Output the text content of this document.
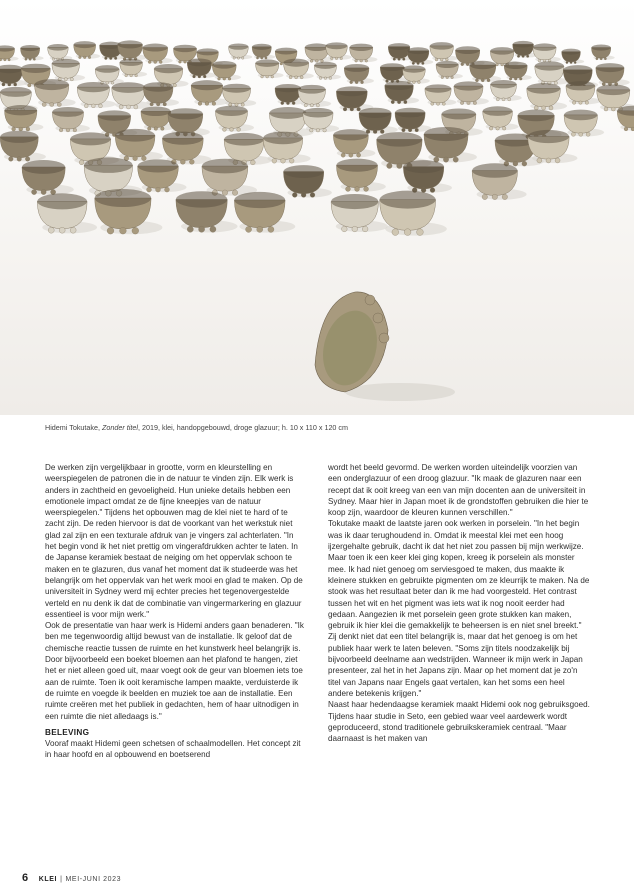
Hidemi Tokutake, Zonder titel, 2019, klei, handopgebouwd, droge glazuur; h. 10 x 110 x 120 cm

De werken zijn vergelijkbaar in grootte, vorm en kleurstelling en weerspiegelen de patronen die in de natuur te vinden zijn. Elk werk is anders in zachtheid en gevoeligheid. Hun unieke details hebben een emotionele impact omdat ze de fijne kneepjes van de natuur weerspiegelen." Tijdens het opbouwen mag de klei niet te hard of te zacht zijn. De reden hiervoor is dat de voorkant van het werkstuk niet glad zal zijn en een texturale afdruk van je vingers zal achterlaten. "In het begin vond ik het niet prettig om vingerafdrukken achter te laten. In de Japanse keramiek bestaat de neiging om het oppervlak schoon te maken en te glazuren, dus vanaf het moment dat ik studeerde was het belangrijk om het oppervlak van het werk mooi en glad te maken. Op de universiteit in Sydney werd mij echter precies het tegenovergestelde verteld en nu denk ik dat de combinatie van vingermarkering en glazuur essentieel is voor mijn werk."

Ook de presentatie van haar werk is Hidemi anders gaan benaderen. "Ik ben me tegenwoordig altijd bewust van de installatie. Ik geloof dat de chemische reactie tussen de ruimte en het kunstwerk heel belangrijk is. Door bijvoorbeeld een boeket bloemen aan het plafond te hangen, ziet het er niet alleen goed uit, maar voegt ook de geur van bloemen iets toe aan de ruimte. Toen ik ooit keramische lampen maakte, verduisterde ik de ruimte en voegde ik beelden en muziek toe aan de installatie. Een ruimte creëren met het publiek in gedachten, hem of haar uitnodigen in een ruimte die niet alledaags is."

BELEVING

Vooraf maakt Hidemi geen schetsen of schaalmodellen. Het concept zit in haar hoofd en al opbouwend en boetserend

wordt het beeld gevormd. De werken worden uiteindelijk voorzien van een onderglazuur of een droog glazuur. "Ik maak de glazuren naar een recept dat ik ooit kreeg van een van mijn docenten aan de universiteit in Sydney. Maar hier in Japan moet ik de grondstoffen gebruiken die hier te koop zijn, waardoor de kleuren kunnen verschillen."

Tokutake maakt de laatste jaren ook werken in porselein. "In het begin was ik daar terughoudend in. Omdat ik meestal klei met een hoog ijzergehalte gebruik, dacht ik dat het niet zou passen bij mijn werkwijze. Maar toen ik een keer klei ging kopen, kreeg ik porselein als monster mee. Ik had niet genoeg om serviesgoed te maken, dus maakte ik kleinere stukken en gebruikte pigmenten om ze kleurrijk te maken. Na de stook was het resultaat beter dan ik me had voorgesteld. Het contrast tussen het wit en het pigment was iets wat ik nog nooit eerder had gedaan. Aangezien ik met porselein geen grote stukken kan maken, gebruik ik hier klei die gemakkelijk te beheersen is en niet snel breekt."

Zij denkt niet dat een titel belangrijk is, maar dat het genoeg is om het publiek haar werk te laten beleven. "Soms zijn titels noodzakelijk bij bijvoorbeeld deelname aan wedstrijden. Wanneer ik mijn werk in Japan presenteer, zal het in het Japans zijn. Maar op het moment dat je zo'n titel van Japans naar Engels gaat vertalen, kan het soms een heel andere betekenis krijgen."

Naast haar hedendaagse keramiek maakt Hidemi ook nog gebruiksgoed. Tijdens haar studie in Seto, een gebied waar veel aardewerk wordt geproduceerd, stond traditionele gebruikskeramiek centraal. "Maar daarnaast is het maken van

6 KLEI | MEI-JUNI 2023
